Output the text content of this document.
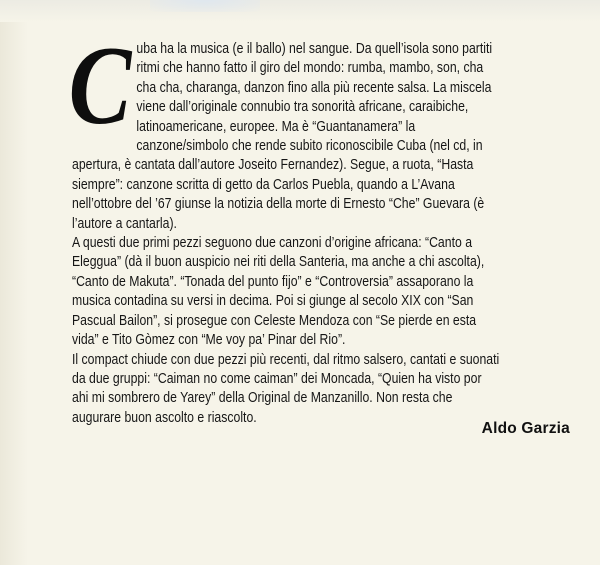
C uba ha la musica (e il ballo) nel sangue. Da quell’isola sono partiti ritmi che hanno fatto il giro del mondo: rumba, mambo, son, cha cha cha, charanga, danzon fino alla più recente salsa. La miscela viene dall’originale connubio tra sonorità africane, caraibiche, latinoamericane, europee. Ma è “Guantanamera” la canzone/simbolo che rende subito riconoscibile Cuba (nel cd, in apertura, è cantata dall’autore Joseito Fernandez). Segue, a ruota, “Hasta siempre”: canzone scritta di getto da Carlos Puebla, quando a L’Avana nell’ottobre del ’67 giunse la notizia della morte di Ernesto “Che” Guevara (è l’autore a cantarla).

A questi due primi pezzi seguono due canzoni d’origine africana: “Canto a Eleggua” (dà il buon auspicio nei riti della Santeria, ma anche a chi ascolta), “Canto de Makuta”. “Tonada del punto fijo” e “Controversia” assaporano la musica contadina su versi in decima. Poi si giunge al secolo XIX con “San Pascual Bailon”, si prosegue con Celeste Mendoza con “Se pierde en esta vida” e Tito Gòmez con “Me voy pa’ Pinar del Rio”.

Il compact chiude con due pezzi più recenti, dal ritmo salsero, cantati e suonati da due gruppi: “Caiman no come caiman” dei Moncada, “Quien ha visto por ahi mi sombrero de Yarey” della Original de Manzanillo. Non resta che augurare buon ascolto e riascolto.

Aldo Garzia
